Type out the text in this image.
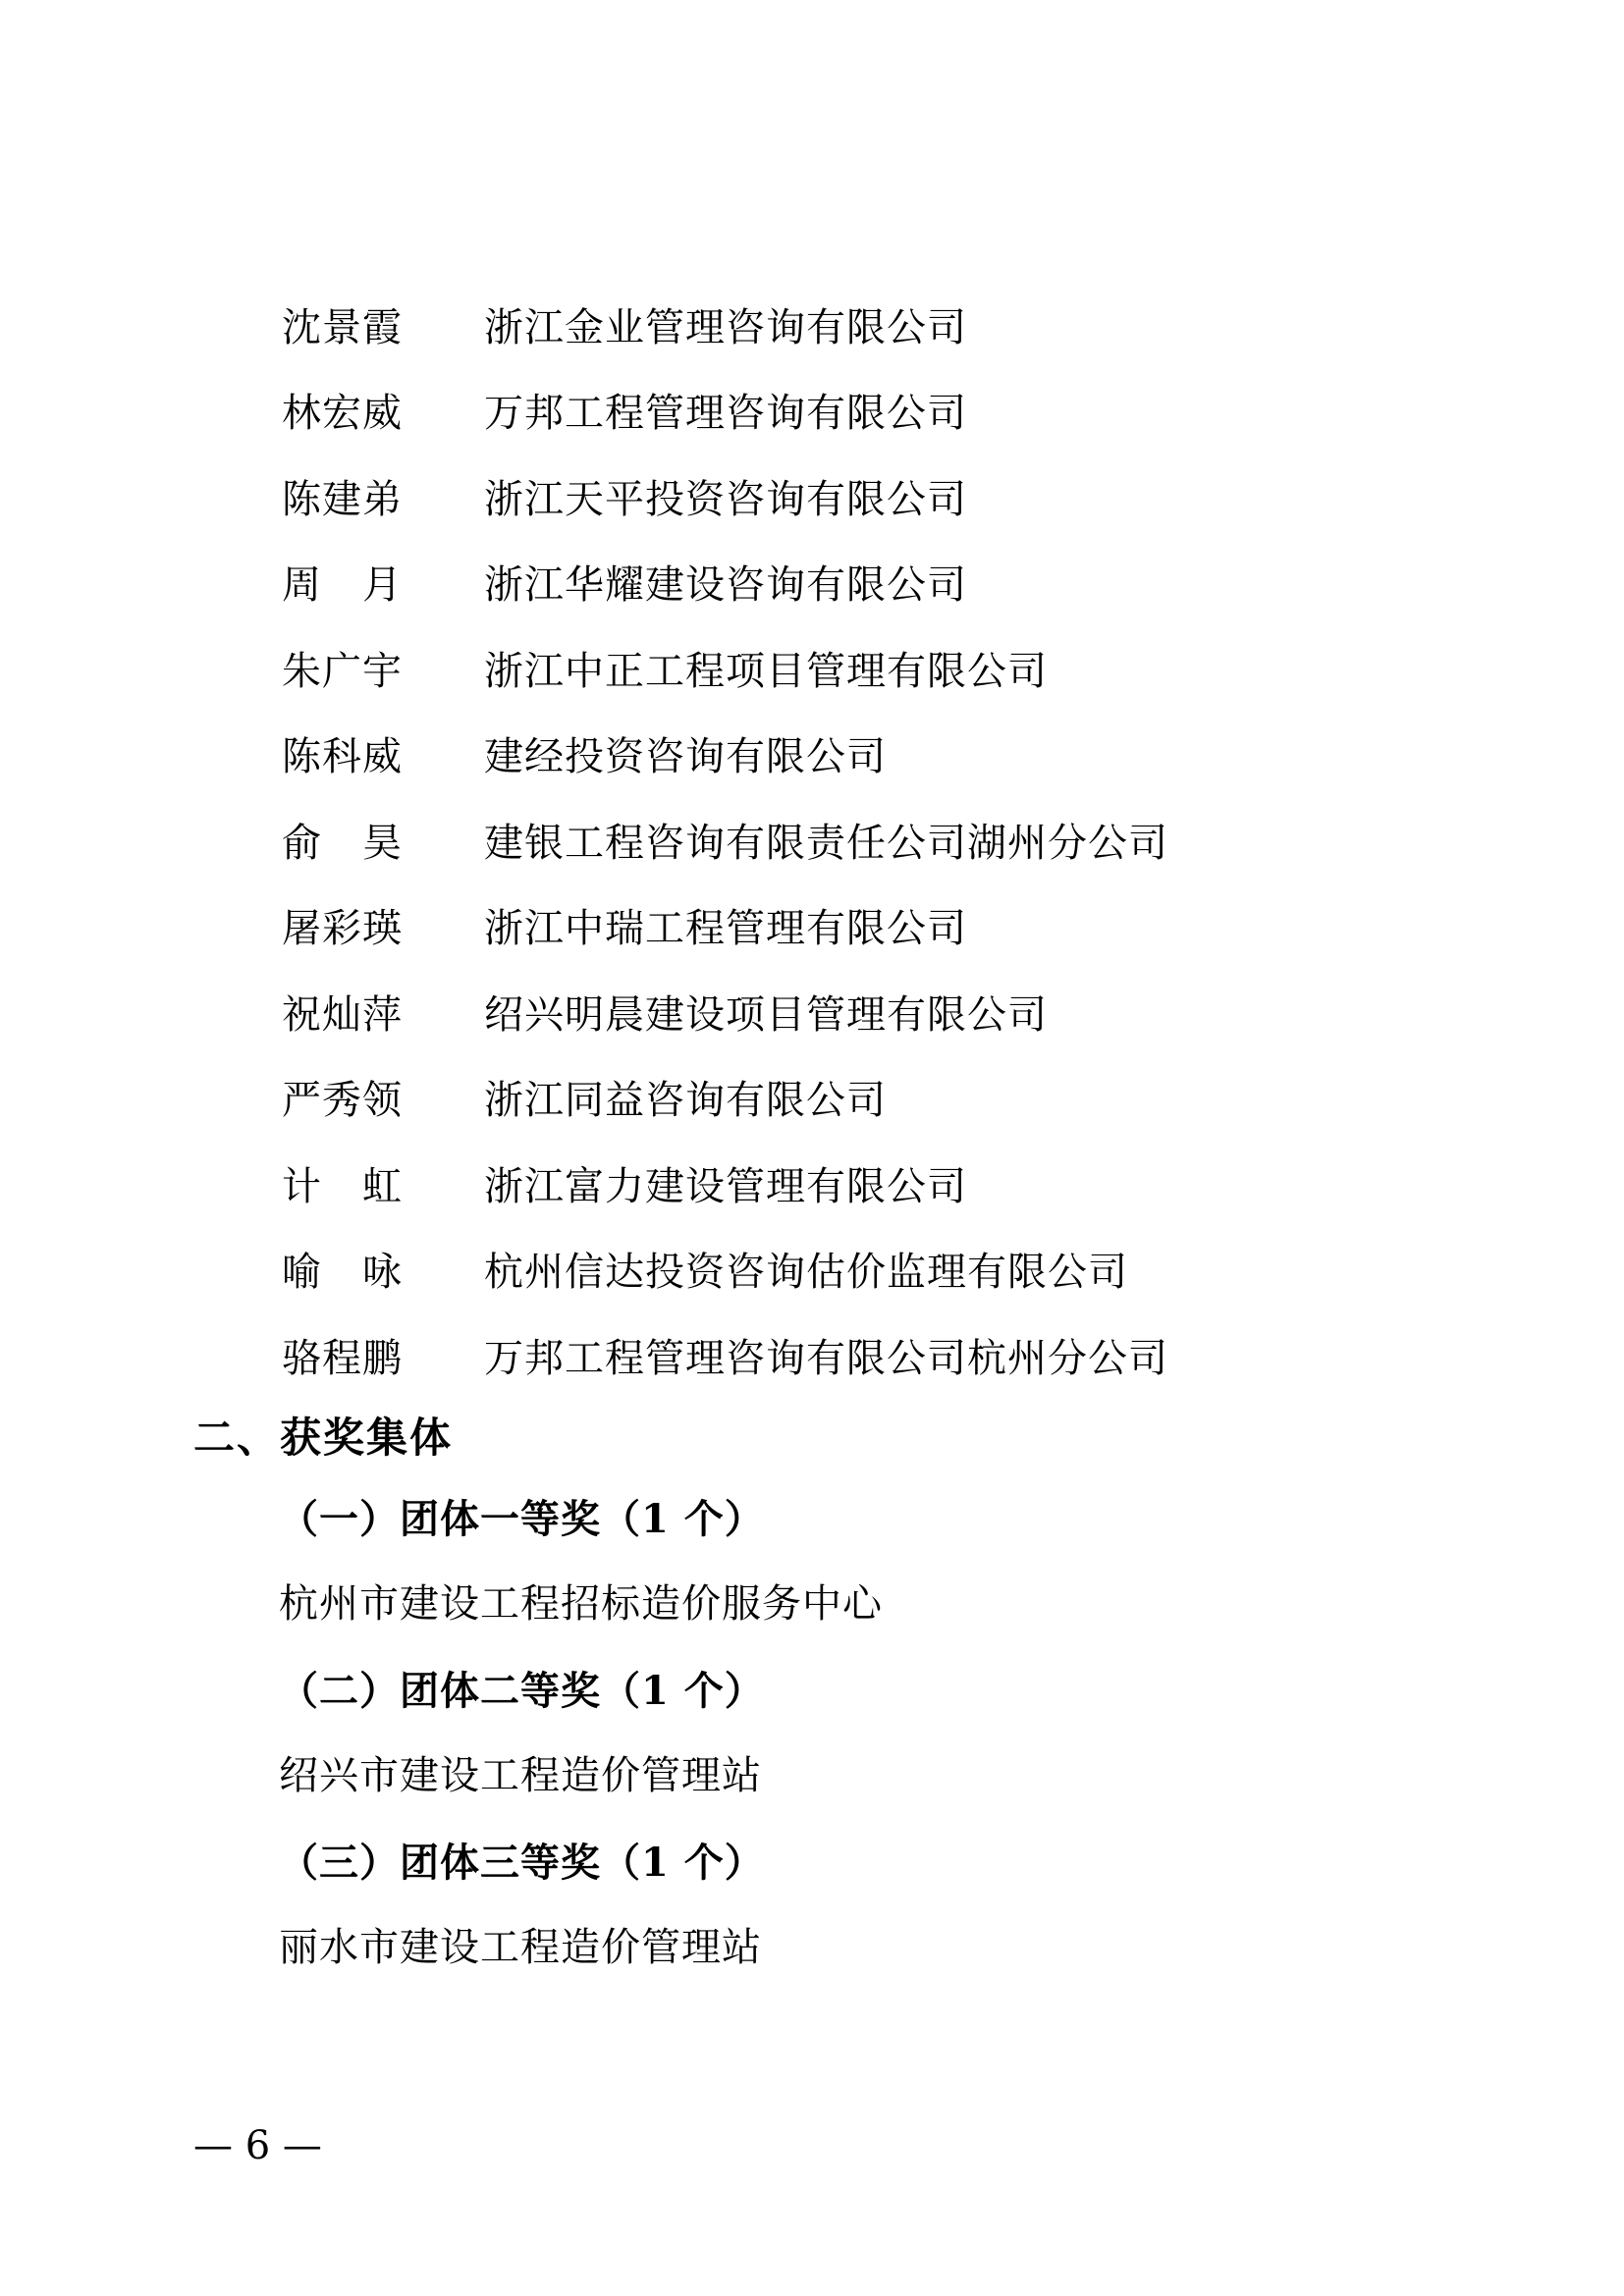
沈景霞	浙江金业管理咨询有限公司
林宏威	万邦工程管理咨询有限公司
陈建弟	浙江天平投资咨询有限公司
周　月	浙江华耀建设咨询有限公司
朱广宇	浙江中正工程项目管理有限公司
陈科威	建经投资咨询有限公司
俞　昊	建银工程咨询有限责任公司湖州分公司
屠彩瑛	浙江中瑞工程管理有限公司
祝灿萍	绍兴明晨建设项目管理有限公司
严秀领	浙江同益咨询有限公司
计　虹	浙江富力建设管理有限公司
喻　咏	杭州信达投资咨询估价监理有限公司
骆程鹏	万邦工程管理咨询有限公司杭州分公司
二、获奖集体
（一）团体一等奖（1 个）
杭州市建设工程招标造价服务中心
（二）团体二等奖（1 个）
绍兴市建设工程造价管理站
（三）团体三等奖（1 个）
丽水市建设工程造价管理站
— 6 —
